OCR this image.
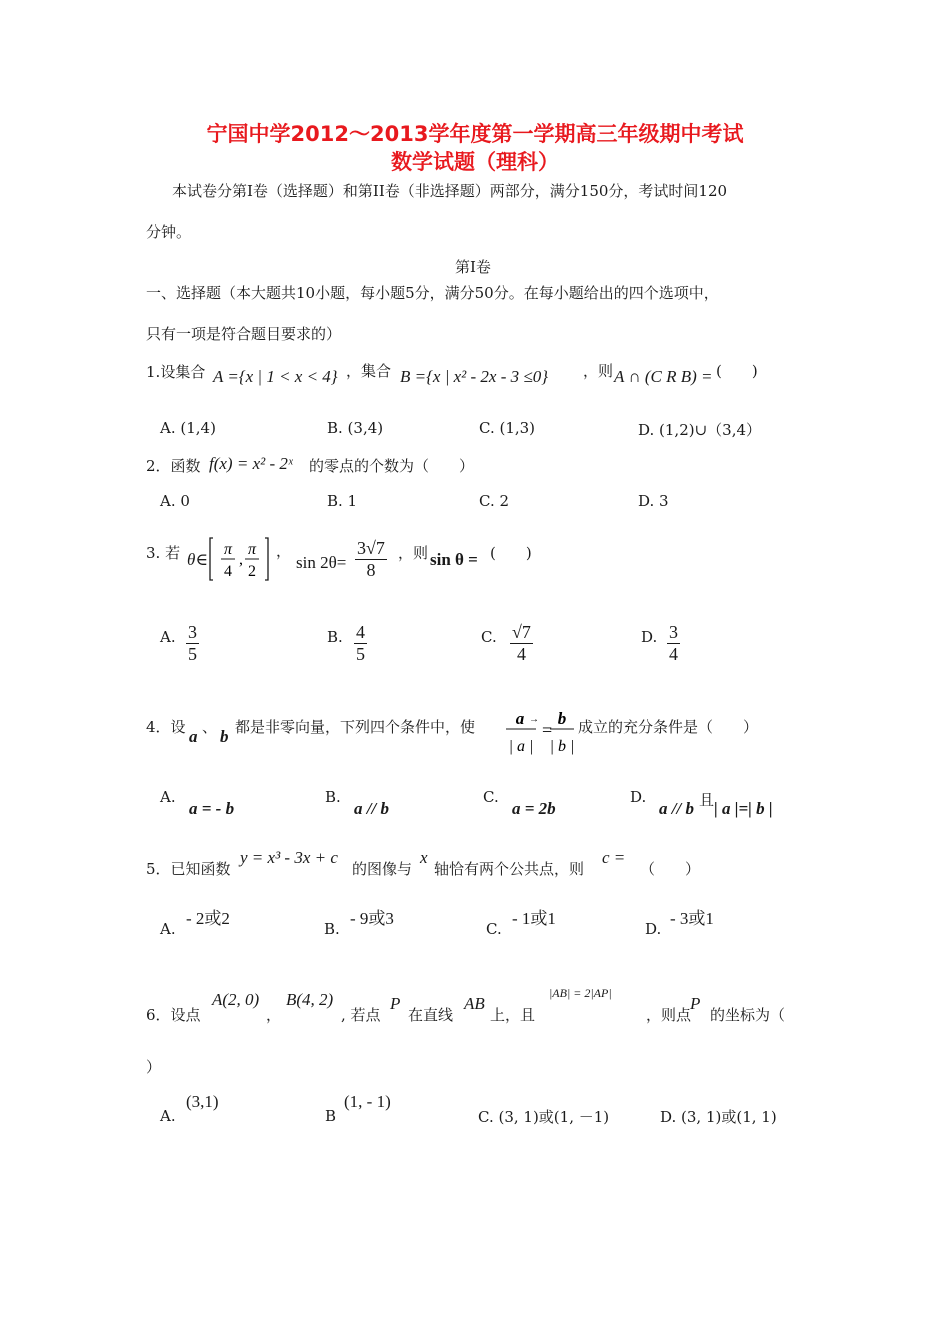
宁国中学2012～2013学年度第一学期高三年级期中考试
数学试题（理科）
本试卷分第I卷（选择题）和第II卷（非选择题）两部分，满分150分，考试时间120
分钟。
第I卷
一、选择题（本大题共10小题，每小题5分，满分50分。在每小题给出的四个选项中，
只有一项是符合题目要求的）
1.设集合 A ={x | 1 < x < 4} ，集合 B ={x | x² - 2x - 3 ≤0} ，则 A ∩ (C R B) = (　　)
A. (1,4)	B. (3,4)	C. (1,3)	D. (1,2)∪（3,4）
2．函数 f(x) = x² - 2ˣ 的零点的个数为（　　）
A. 0	B. 1	C. 2	D. 3
3. 若 θ∈
π
4
,
π
2
，
$\sin 2\theta= \frac{3√7}{8}$ ，则 sin θ = (　　)
A. $\frac{3}{5}$	B. $\frac{4}{5}$	C. $\frac{√7}{4}$	D. $\frac{3}{4}$
4．设 a 、 b 都是非零向量，下列四个条件中，使 a →
| a |
=
b
| b |
成立的充分条件是（　　）
A.
a = - b
B.
a // b
C.
a = 2b
D.
a // b 且 | a |=| b |
5．已知函数
y = x³ - 3x + c
的图像与
x
轴恰有两个公共点，则
c =
（　　）
A.
- 2或2
B.
- 9或3
C.
- 1或1
D.
- 3或1
6．设点
A(2, 0)
，
B(4, 2)
, 若点
P
在直线
AB
上，且
|AB| = 2|AP|
，则点
P
的坐标为（
）
A.
(3,1)
B
(1, - 1)
C. (3, 1)或(1, －1)	D. (3, 1)或(1, 1)
